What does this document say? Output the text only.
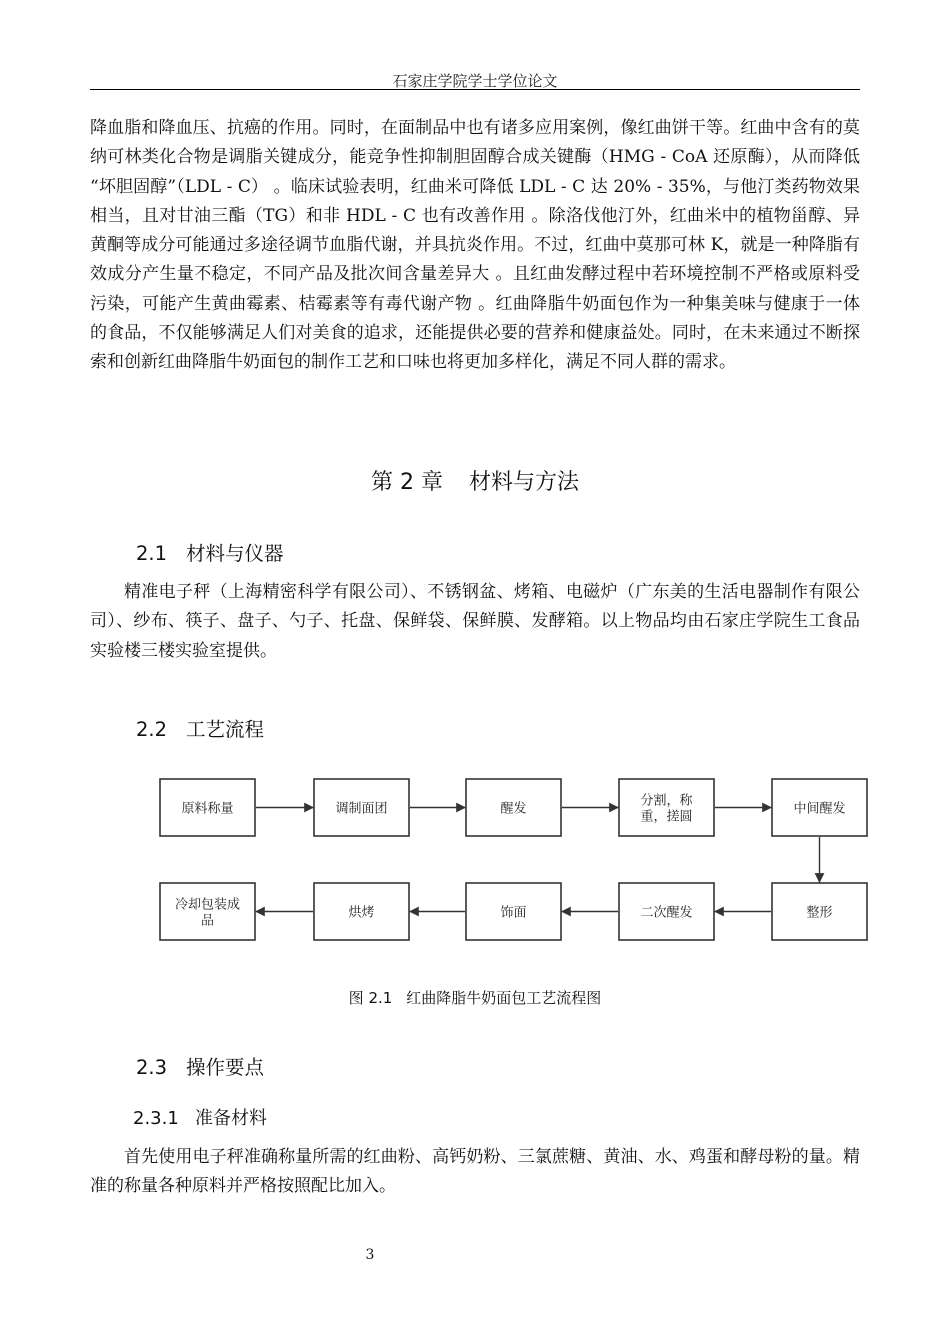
石家庄学院学士学位论文

降血脂和降血压、抗癌的作用。同时，在面制品中也有诸多应用案例，像红曲饼干等。红曲中含有的莫纳可林类化合物是调脂关键成分，能竞争性抑制胆固醇合成关键酶（HMG - CoA 还原酶），从而降低 “坏胆固醇”（LDL - C） 。临床试验表明，红曲米可降低 LDL - C 达 20% - 35%，与他汀类药物效果相当，且对甘油三酯（TG）和非 HDL - C 也有改善作用 。除洛伐他汀外，红曲米中的植物甾醇、异黄酮等成分可能通过多途径调节血脂代谢，并具抗炎作用。不过，红曲中莫那可林 K，就是一种降脂有效成分产生量不稳定，不同产品及批次间含量差异大 。且红曲发酵过程中若环境控制不严格或原料受污染，可能产生黄曲霉素、桔霉素等有毒代谢产物 。红曲降脂牛奶面包作为一种集美味与健康于一体的食品，不仅能够满足人们对美食的追求，还能提供必要的营养和健康益处。同时，在未来通过不断探索和创新红曲降脂牛奶面包的制作工艺和口味也将更加多样化，满足不同人群的需求。

第 2 章 材料与方法
2.1 材料与仪器

精准电子秤（上海精密科学有限公司）、不锈钢盆、烤箱、电磁炉（广东美的生活电器制作有限公司）、纱布、筷子、盘子、勺子、托盘、保鲜袋、保鲜膜、发酵箱。以上物品均由石家庄学院生工食品实验楼三楼实验室提供。

2.2 工艺流程
原料称量	调制面团	醒发
分割，称
重，搓圆
中间醒发
整形
二次醒发
饰面
烘烤
冷却包装成
品
图 2.1 红曲降脂牛奶面包工艺流程图
2.3 操作要点
2.3.1 准备材料

首先使用电子秤准确称量所需的红曲粉、高钙奶粉、三氯蔗糖、黄油、水、鸡蛋和酵母粉的量。精准的称量各种原料并严格按照配比加入。

3
